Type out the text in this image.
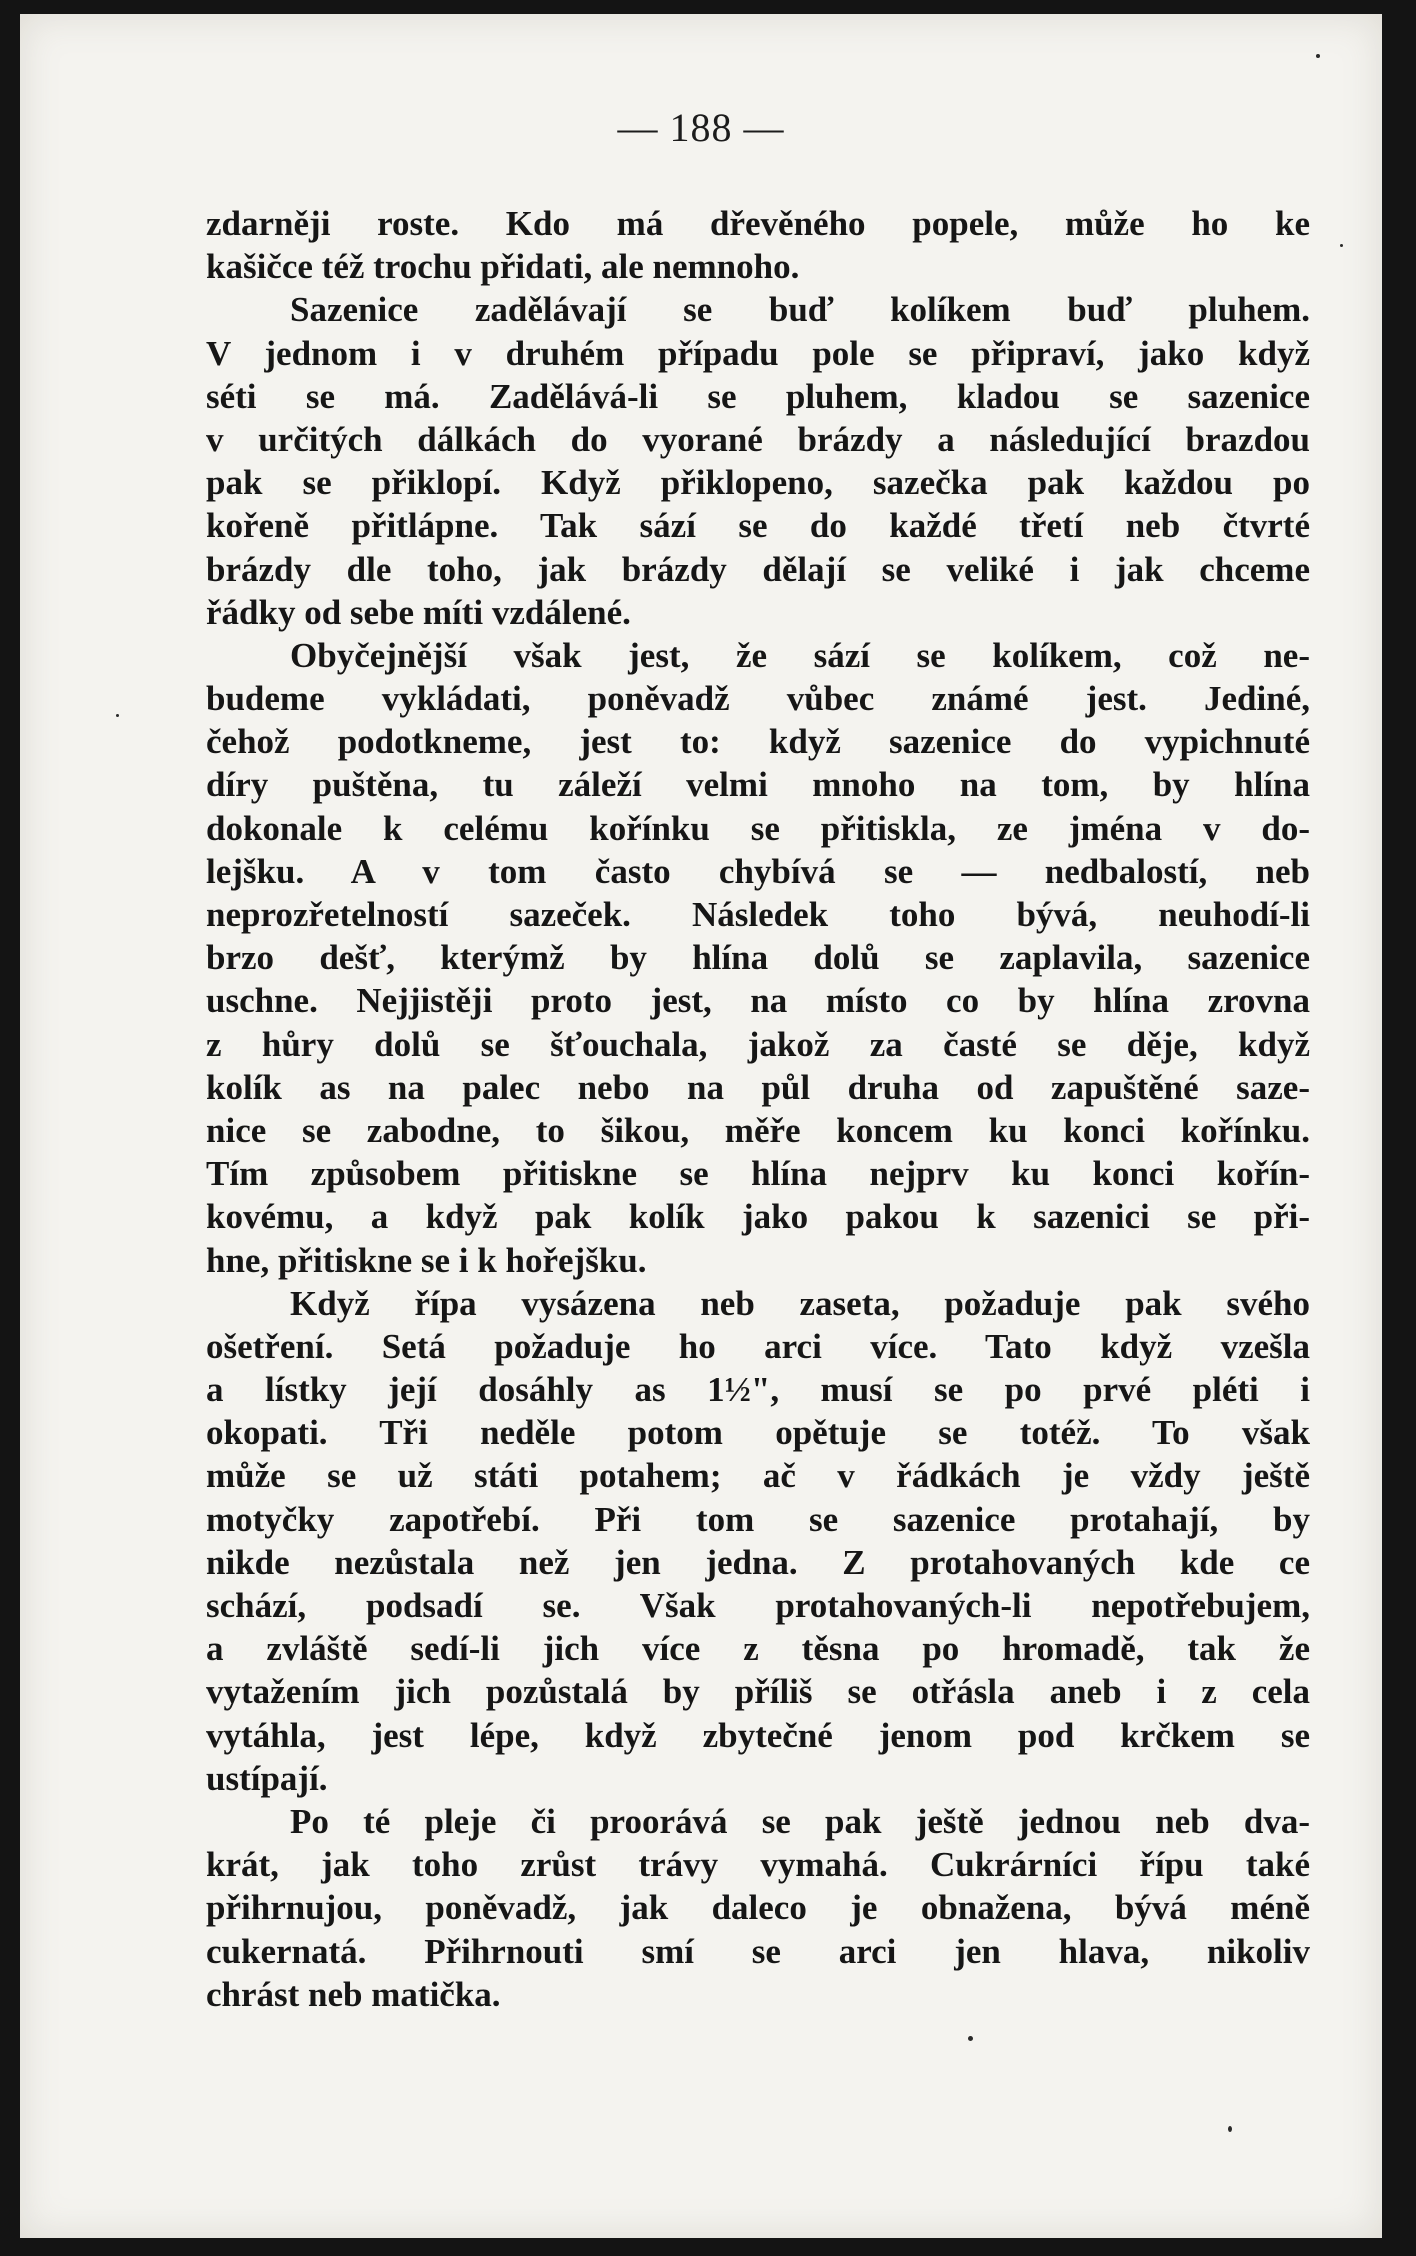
— 188 —
zdarněji roste. Kdo má dřevěného popele, může ho ke
kašičce též trochu přidati, ale nemnoho.
Sazenice zadělávají se buď kolíkem buď pluhem.
V jednom i v druhém případu pole se připraví, jako když
séti se má. Zadělává-li se pluhem, kladou se sazenice
v určitých dálkách do vyorané brázdy a následující brazdou
pak se přiklopí. Když přiklopeno, sazečka pak každou po
kořeně přitlápne. Tak sází se do každé třetí neb čtvrté
brázdy dle toho, jak brázdy dělají se veliké i jak chceme
řádky od sebe míti vzdálené.
Obyčejnější však jest, že sází se kolíkem, což ne-
budeme vykládati, poněvadž vůbec známé jest. Jediné,
čehož podotkneme, jest to: když sazenice do vypichnuté
díry puštěna, tu záleží velmi mnoho na tom, by hlína
dokonale k celému kořínku se přitiskla, ze jména v do-
lejšku. A v tom často chybívá se — nedbalostí, neb
neprozřetelností sazeček. Následek toho bývá, neuhodí-li
brzo dešť, kterýmž by hlína dolů se zaplavila, sazenice
uschne. Nejjistěji proto jest, na místo co by hlína zrovna
z hůry dolů se šťouchala, jakož za časté se děje, když
kolík as na palec nebo na půl druha od zapuštěné saze-
nice se zabodne, to šikou, měře koncem ku konci kořínku.
Tím způsobem přitiskne se hlína nejprv ku konci kořín-
kovému, a když pak kolík jako pakou k sazenici se při-
hne, přitiskne se i k hořejšku.
Když řípa vysázena neb zaseta, požaduje pak svého
ošetření. Setá požaduje ho arci více. Tato když vzešla
a lístky její dosáhly as 1½", musí se po prvé pléti i
okopati. Tři neděle potom opětuje se totéž. To však
může se už státi potahem; ač v řádkách je vždy ještě
motyčky zapotřebí. Při tom se sazenice protahají, by
nikde nezůstala než jen jedna. Z protahovaných kde ce
schází, podsadí se. Však protahovaných-li nepotřebujem,
a zvláště sedí-li jich více z těsna po hromadě, tak že
vytažením jich pozůstalá by příliš se otřásla aneb i z cela
vytáhla, jest lépe, když zbytečné jenom pod krčkem se
ustípají.
Po té pleje či proorává se pak ještě jednou neb dva-
krát, jak toho zrůst trávy vymahá. Cukrárníci řípu také
přihrnujou, poněvadž, jak daleco je obnažena, bývá méně
cukernatá. Přihrnouti smí se arci jen hlava, nikoliv
chrást neb matička.
